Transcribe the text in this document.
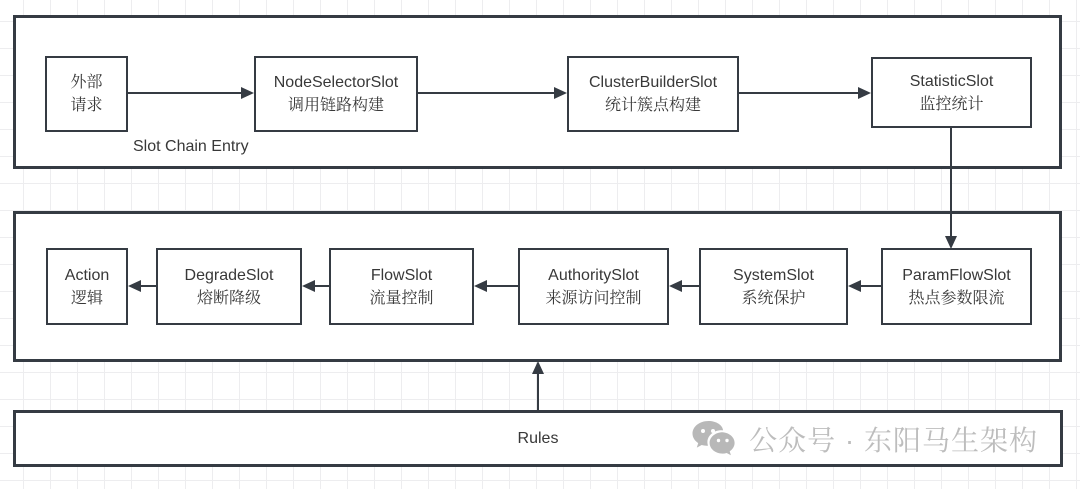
Rules	公众号 · 东阳马生架构
Slot Chain Entry
外部
请求
NodeSelectorSlot
调用链路构建
ClusterBuilderSlot
统计簇点构建
StatisticSlot
监控统计
Action
逻辑
DegradeSlot
熔断降级
FlowSlot
流量控制
AuthoritySlot
来源访问控制
SystemSlot
系统保护
ParamFlowSlot
热点参数限流
